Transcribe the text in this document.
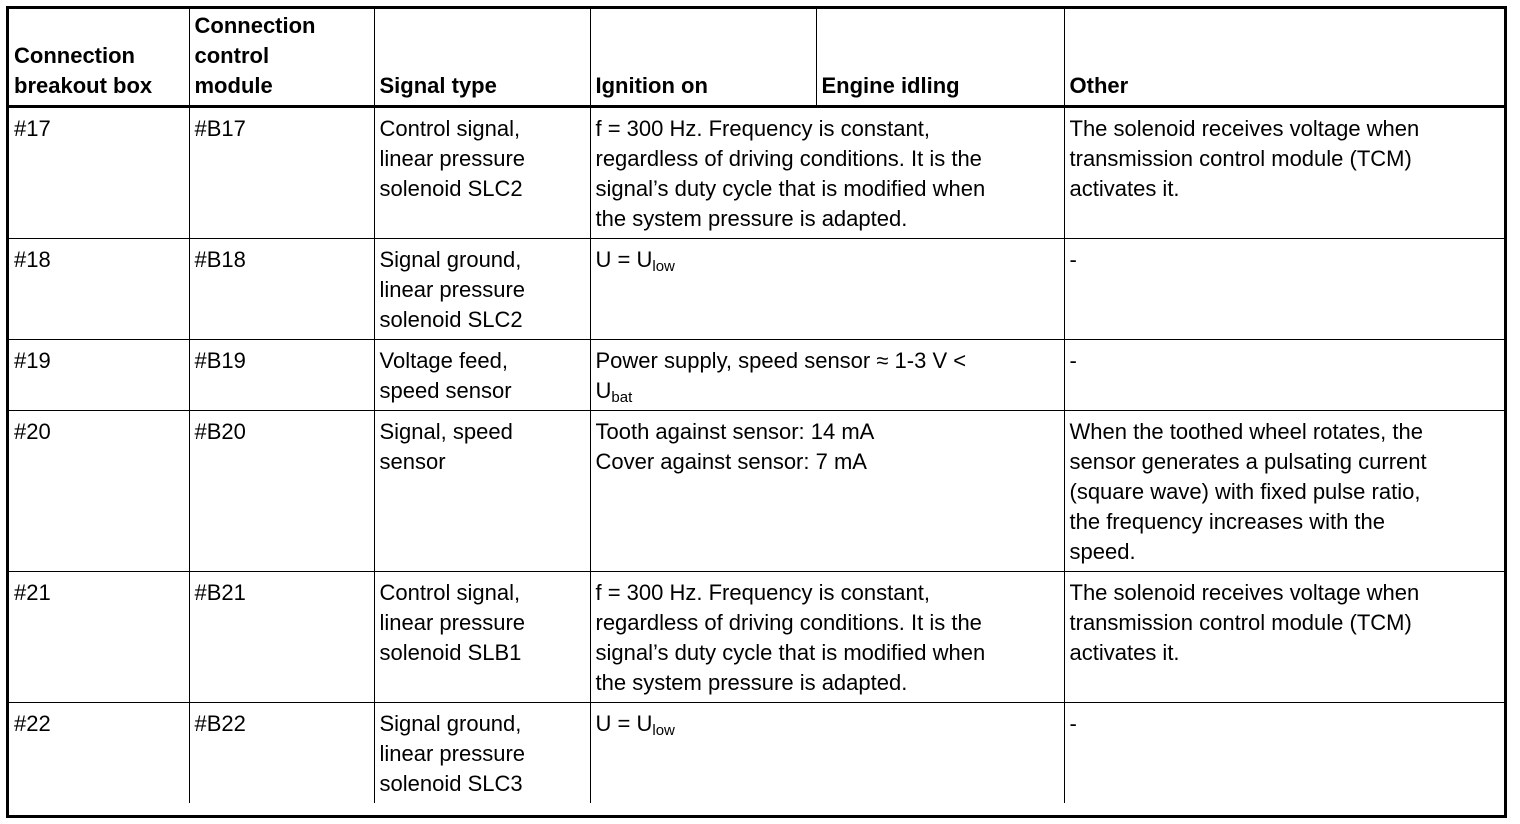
Connection
breakout box	Connection
control
module	Signal type	Ignition on	Engine idling	Other
#17	#B17	Control signal,
linear pressure
solenoid SLC2	f = 300 Hz. Frequency is constant,
regardless of driving conditions. It is the
signal’s duty cycle that is modified when
the system pressure is adapted.		The solenoid receives voltage when
transmission control module (TCM)
activates it.

#18	#B18	Signal ground,
linear pressure
solenoid SLC2	$U = U_{low}$		-
#19	#B19	Voltage feed,
speed sensor	Power supply, speed sensor ≈ 1-3 V <
$U_{bat}$		-
#20	#B20	Signal, speed
sensor	Tooth against sensor: 14 mA
Cover against sensor: 7 mA		When the toothed wheel rotates, the
sensor generates a pulsating current
(square wave) with fixed pulse ratio,
the frequency increases with the
speed.

#21	#B21	Control signal,
linear pressure
solenoid SLB1	f = 300 Hz. Frequency is constant,
regardless of driving conditions. It is the
signal’s duty cycle that is modified when
the system pressure is adapted.		The solenoid receives voltage when
transmission control module (TCM)
activates it.

#22	#B22	Signal ground,
linear pressure
solenoid SLC3	$U = U_{low}$		-
